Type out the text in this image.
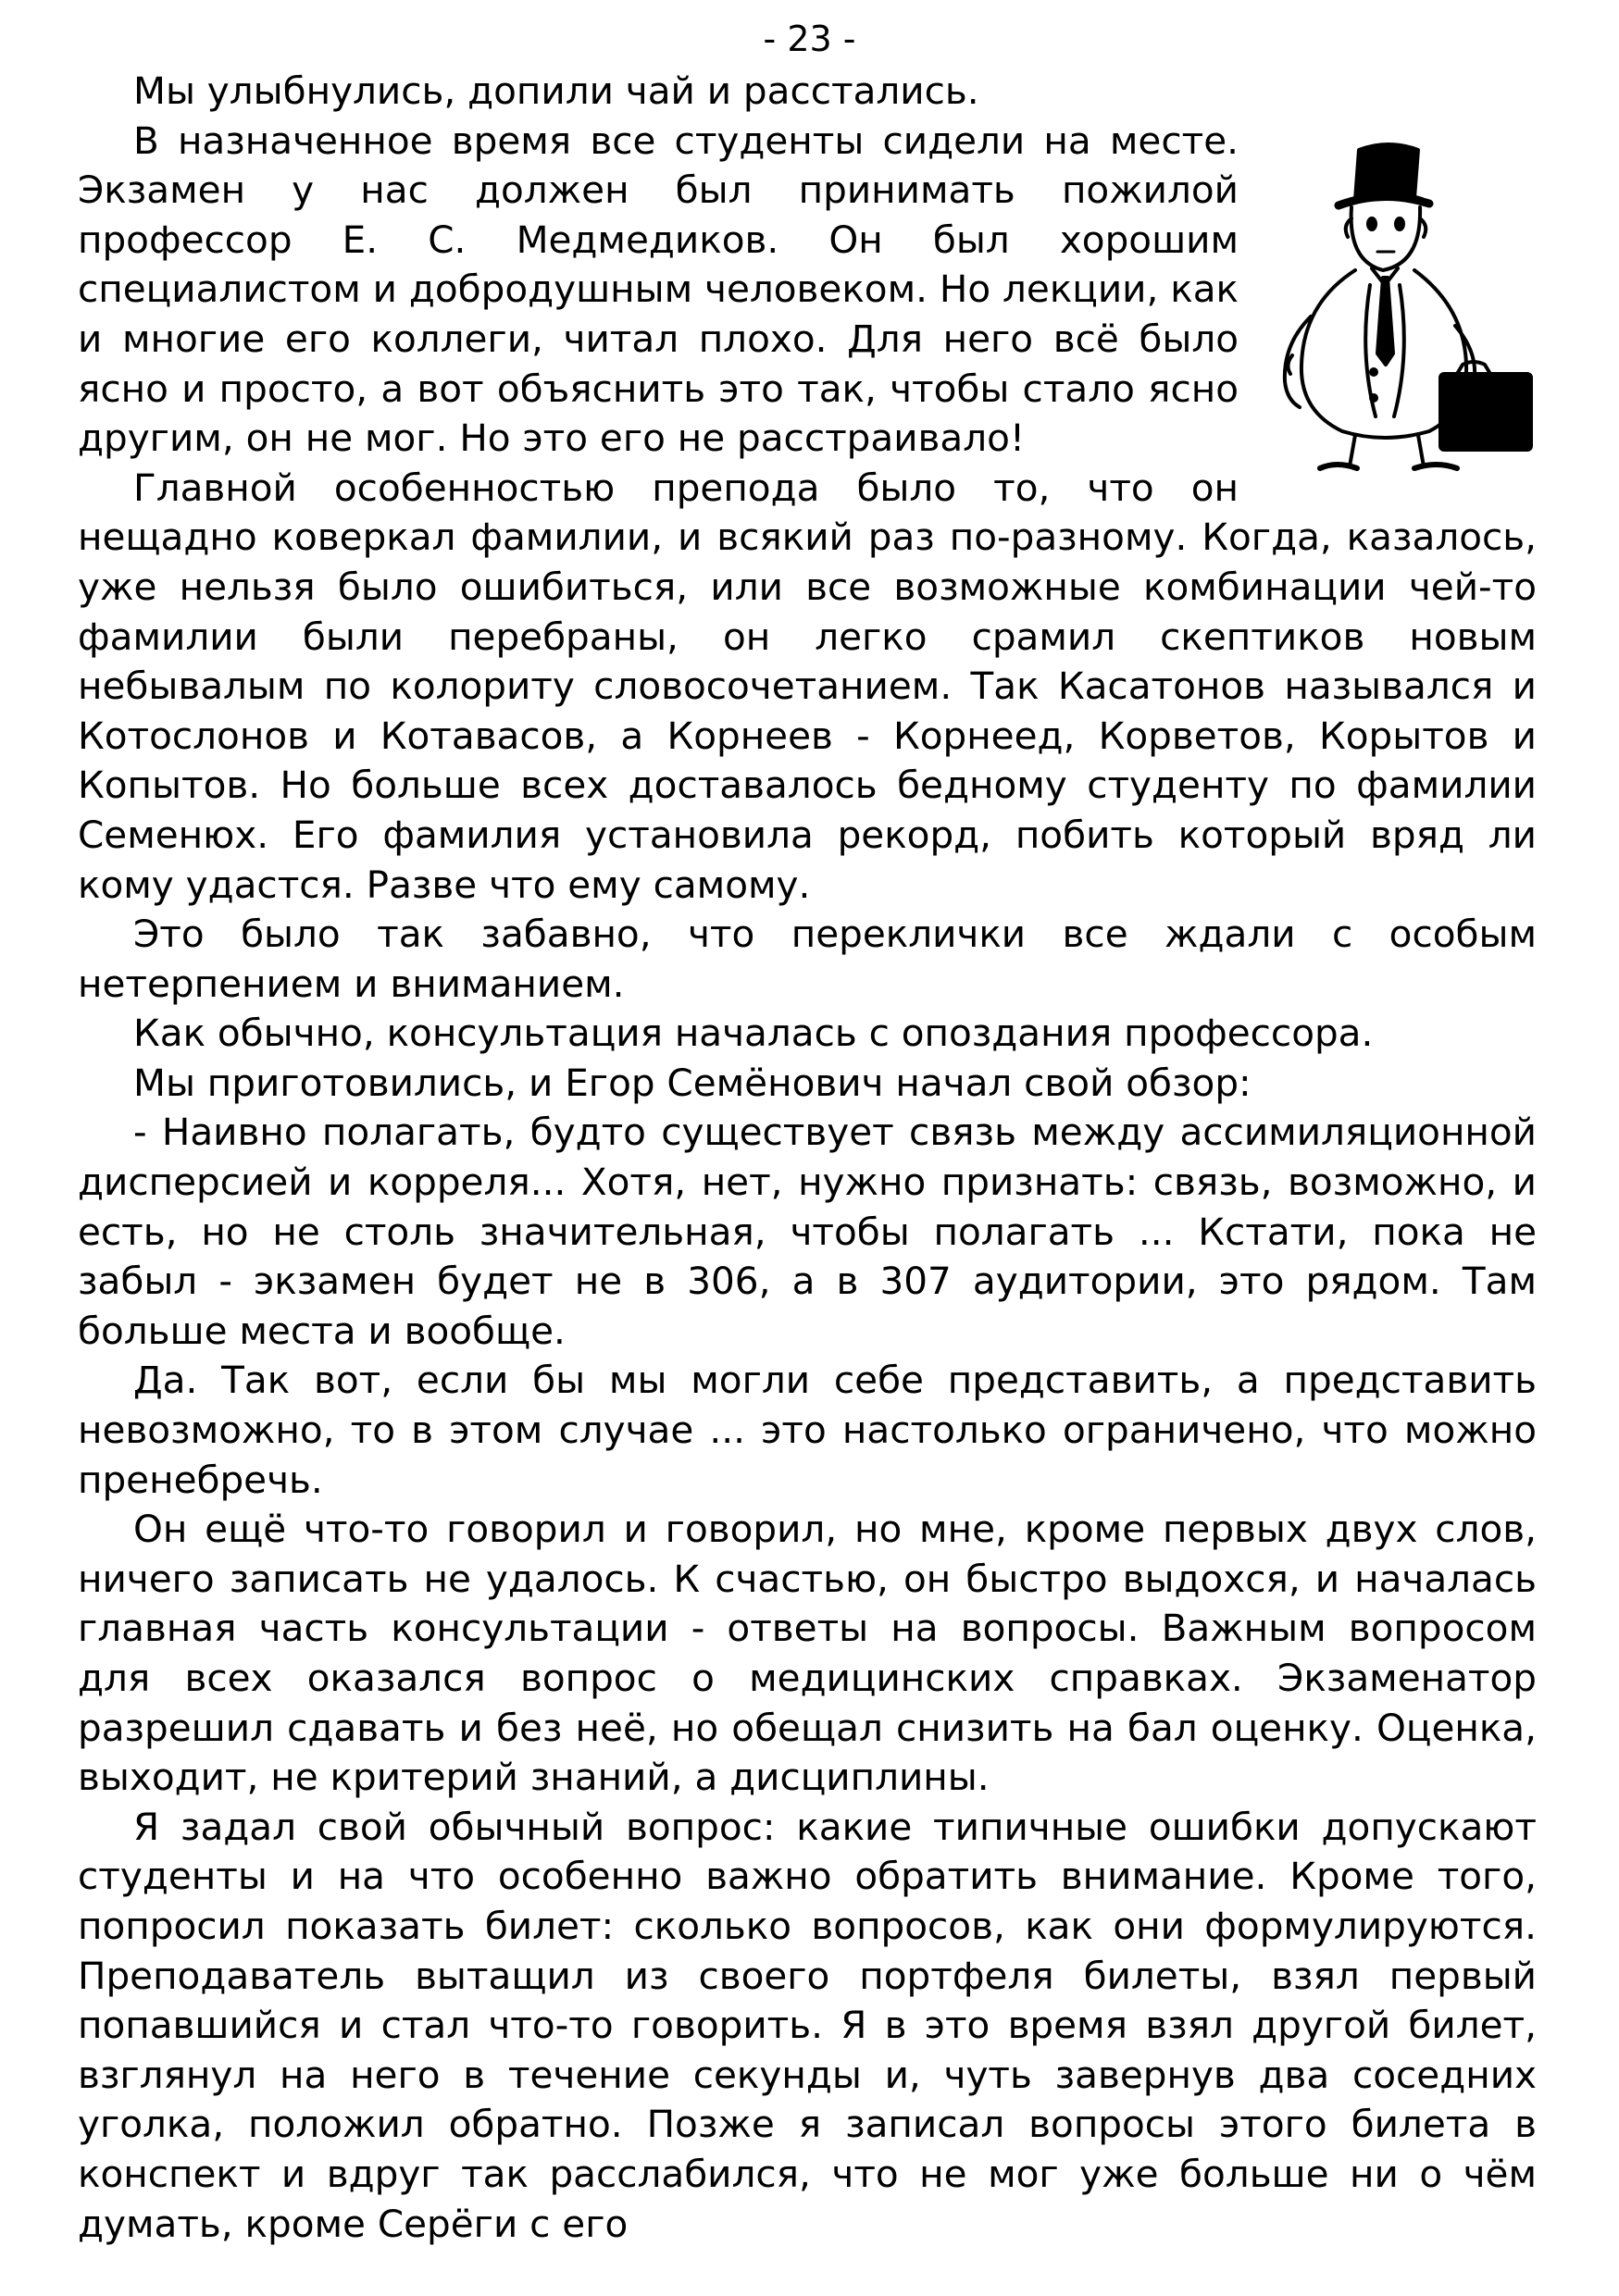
- 23 -

Мы улыбнулись, допили чай и расстались.

В назначенное время все студенты сидели на месте. Экзамен у нас должен был принимать пожилой профессор Е. С. Медмедиков. Он был хорошим специалистом и добродушным человеком. Но лекции, как и многие его коллеги, читал плохо. Для него всё было ясно и просто, а вот объяснить это так, чтобы стало ясно другим, он не мог. Но это его не расстраивало!

Главной особенностью препода было то, что он нещадно коверкал фамилии, и всякий раз по-разному. Когда, казалось, уже нельзя было ошибиться, или все возможные комбинации чей-то фамилии были перебраны, он легко срамил скептиков новым небывалым по колориту словосочетанием. Так Касатонов назывался и Котослонов и Котавасов, а Корнеев - Корнеед, Корветов, Корытов и Копытов. Но больше всех доставалось бедному студенту по фамилии Семенюх. Его фамилия установила рекорд, побить который вряд ли кому удастся. Разве что ему самому.

Это было так забавно, что переклички все ждали с особым нетерпением и вниманием.

Как обычно, консультация началась с опоздания профессора.

Мы приготовились, и Егор Семёнович начал свой обзор:

- Наивно полагать, будто существует связь между ассимиляционной дисперсией и корреля... Хотя, нет, нужно признать: связь, возможно, и есть, но не столь значительная, чтобы полагать ... Кстати, пока не забыл - экзамен будет не в 306, а в 307 аудитории, это рядом. Там больше места и вообще.

Да. Так вот, если бы мы могли себе представить, а представить невозможно, то в этом случае ... это настолько ограничено, что можно пренебречь.

Он ещё что-то говорил и говорил, но мне, кроме первых двух слов, ничего записать не удалось. К счастью, он быстро выдохся, и началась главная часть консультации - ответы на вопросы. Важным вопросом для всех оказался вопрос о медицинских справках. Экзаменатор разрешил сдавать и без неё, но обещал снизить на бал оценку. Оценка, выходит, не критерий знаний, а дисциплины.

Я задал свой обычный вопрос: какие типичные ошибки допускают студенты и на что особенно важно обратить внимание. Кроме того, попросил показать билет: сколько вопросов, как они формулируются. Преподаватель вытащил из своего портфеля билеты, взял первый попавшийся и стал что-то говорить. Я в это время взял другой билет, взглянул на него в течение секунды и, чуть завернув два соседних уголка, положил обратно. Позже я записал вопросы этого билета в конспект и вдруг так расслабился, что не мог уже больше ни о чём думать, кроме Серёги с его
